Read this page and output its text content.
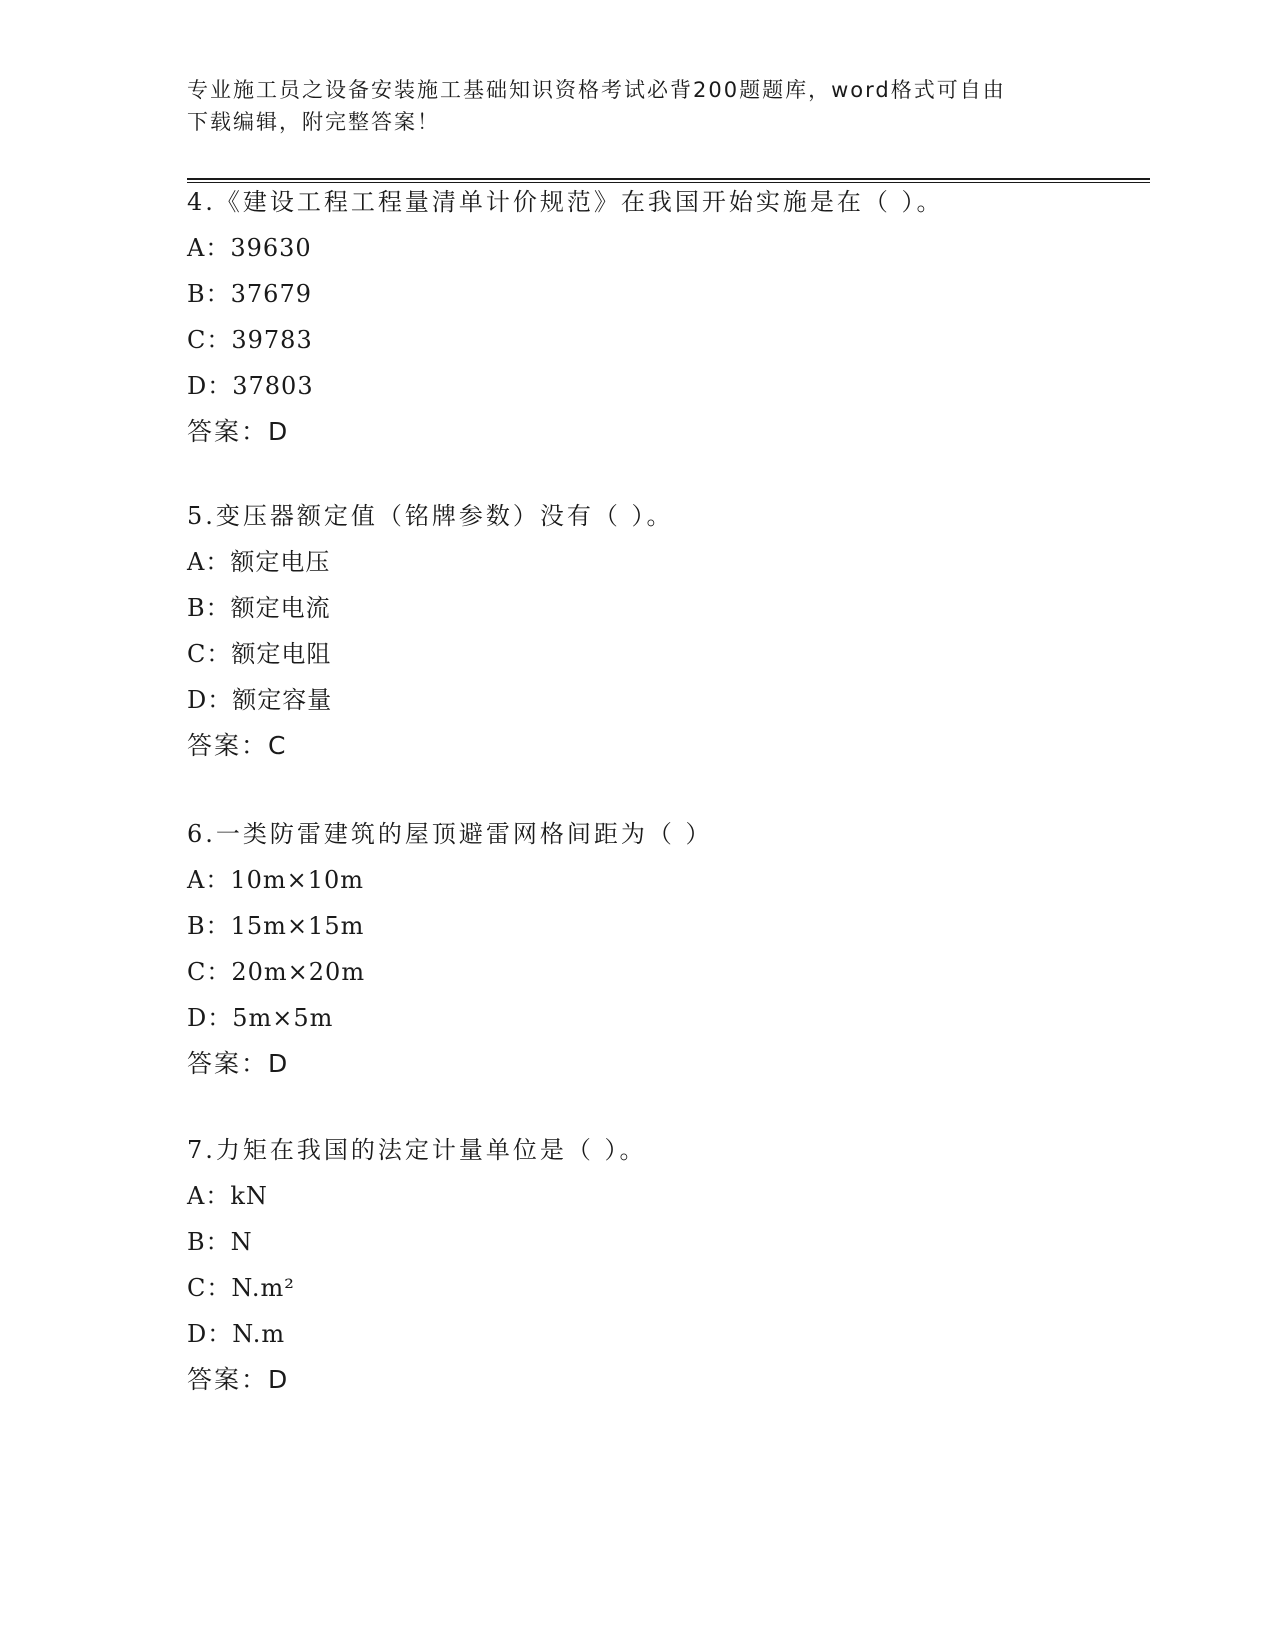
专业施工员之设备安装施工基础知识资格考试必背200题题库，word格式可自由
下载编辑，附完整答案！
4.《建设工程工程量清单计价规范》在我国开始实施是在（ ）。
A：39630
B：37679
C：39783
D：37803
答案：D
5.变压器额定值（铭牌参数）没有（ ）。
A：额定电压
B：额定电流
C：额定电阻
D：额定容量
答案：C
6.一类防雷建筑的屋顶避雷网格间距为（ ）
A：10m×10m
B：15m×15m
C：20m×20m
D：5m×5m
答案：D
7.力矩在我国的法定计量单位是（ ）。
A：kN
B：N
C：N.m²
D：N.m
答案：D
